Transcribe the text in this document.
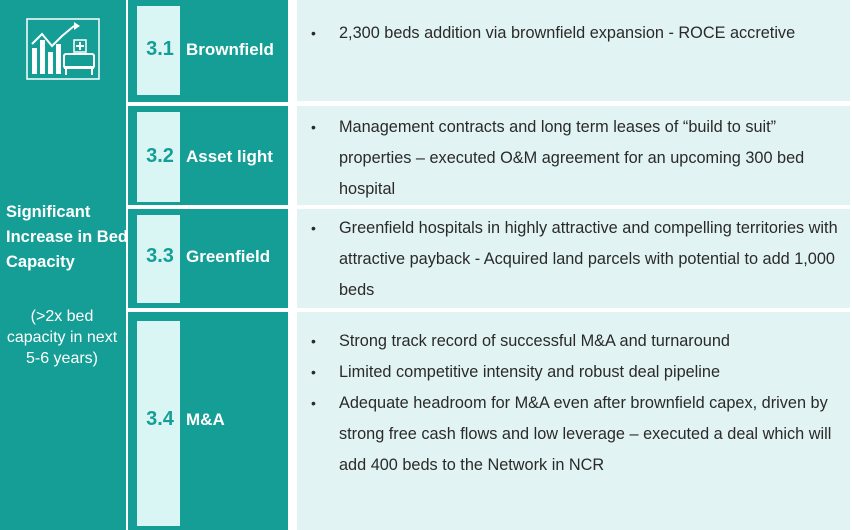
Significant Increase in Bed Capacity
(>2x bed capacity in next 5-6 years)
3.1
3.2
3.3
3.4
Brownfield
Asset light
Greenfield
M&A
• 2,300 beds addition via brownfield expansion - ROCE accretive
• Management contracts and long term leases of “build to suit” properties – executed O&M agreement for an upcoming 300 bed hospital
• Greenfield hospitals in highly attractive and compelling territories with attractive payback - Acquired land parcels with potential to add 1,000 beds
• Strong track record of successful M&A and turnaround
• Limited competitive intensity and robust deal pipeline
• Adequate headroom for M&A even after brownfield capex, driven by strong free cash flows and low leverage – executed a deal which will add 400 beds to the Network in NCR
